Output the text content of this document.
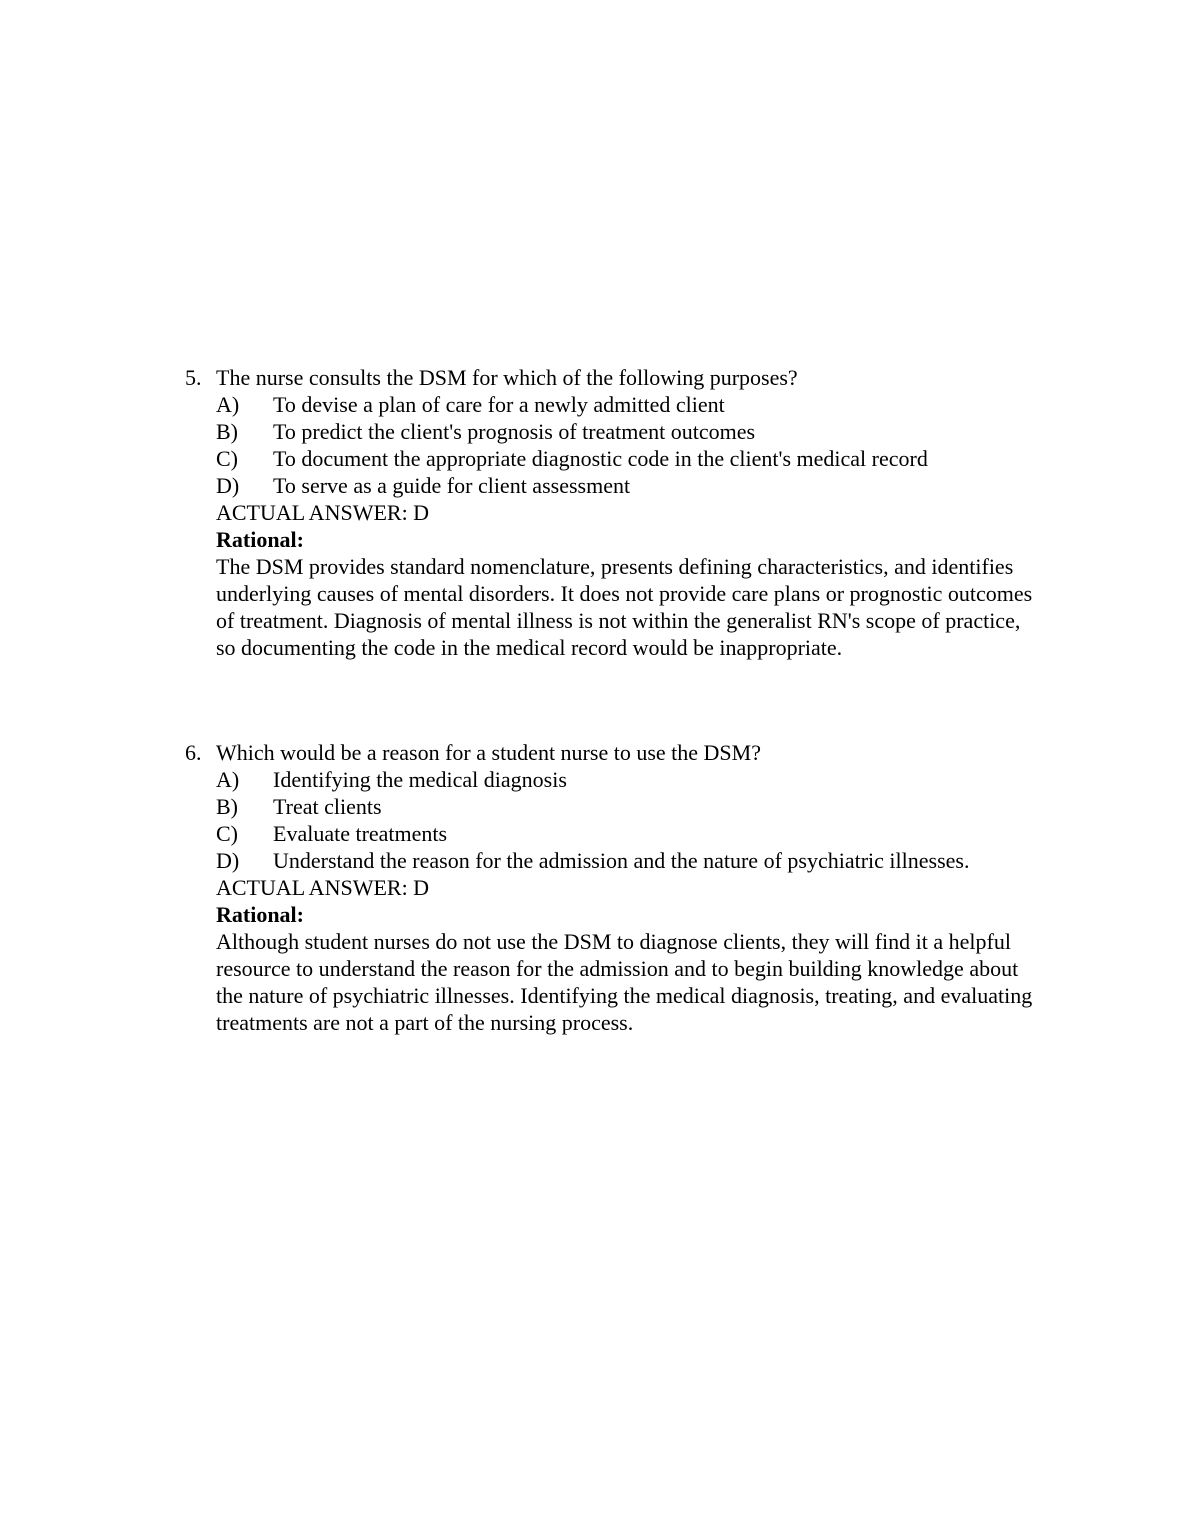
5. The nurse consults the DSM for which of the following purposes?
A) To devise a plan of care for a newly admitted client
B) To predict the client's prognosis of treatment outcomes
C) To document the appropriate diagnostic code in the client's medical record
D) To serve as a guide for client assessment
ACTUAL ANSWER: D
Rational:
The DSM provides standard nomenclature, presents defining characteristics, and identifies underlying causes of mental disorders. It does not provide care plans or prognostic outcomes of treatment. Diagnosis of mental illness is not within the generalist RN's scope of practice, so documenting the code in the medical record would be inappropriate.
6. Which would be a reason for a student nurse to use the DSM?
A) Identifying the medical diagnosis
B) Treat clients
C) Evaluate treatments
D) Understand the reason for the admission and the nature of psychiatric illnesses.
ACTUAL ANSWER: D
Rational:
Although student nurses do not use the DSM to diagnose clients, they will find it a helpful resource to understand the reason for the admission and to begin building knowledge about the nature of psychiatric illnesses. Identifying the medical diagnosis, treating, and evaluating treatments are not a part of the nursing process.
